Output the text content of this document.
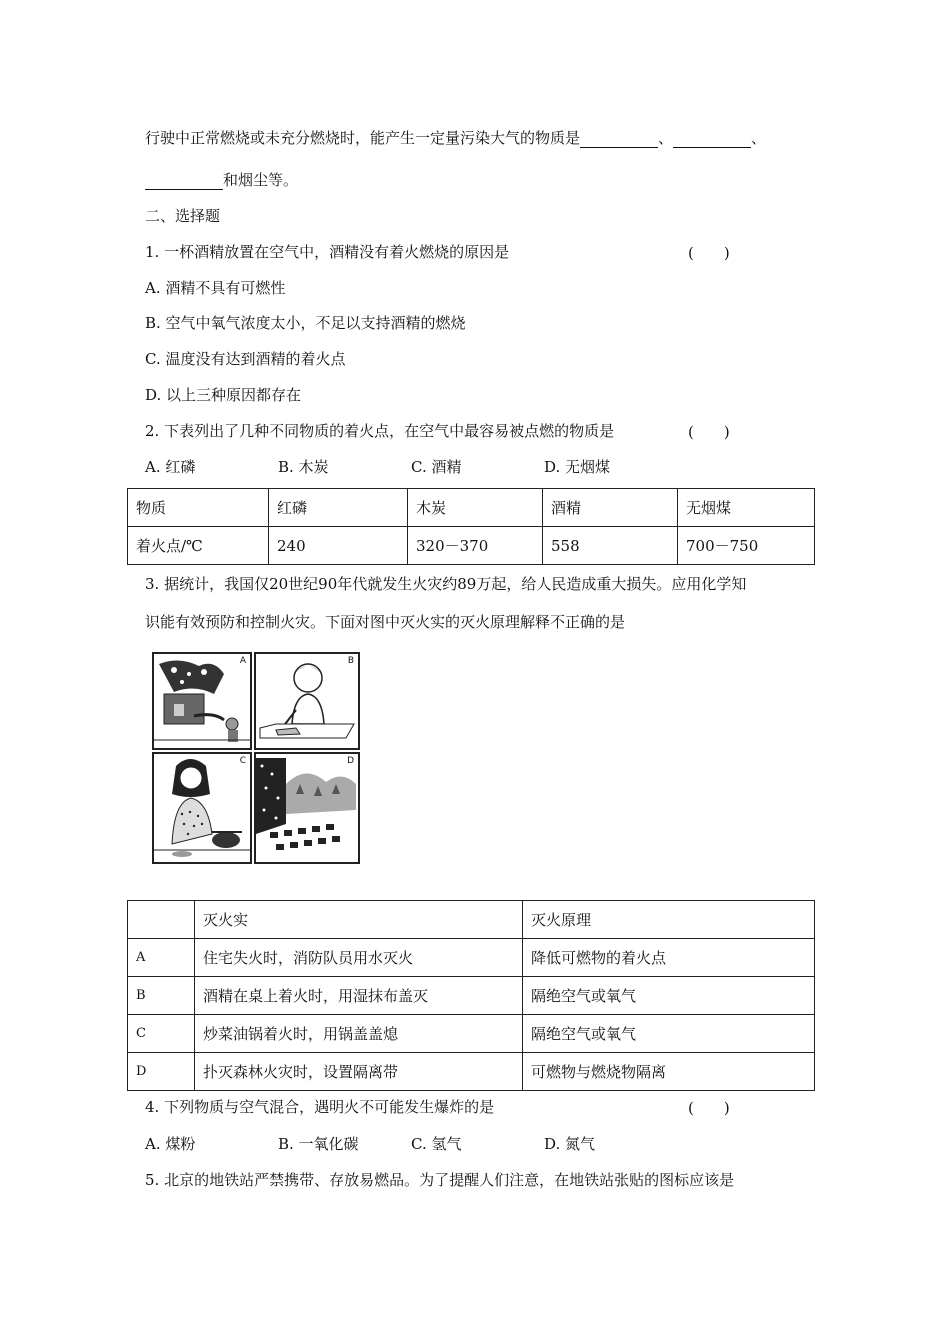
行驶中正常燃烧或未充分燃烧时，能产生一定量污染大气的物质是	、	、
和烟尘等。
二、选择题
1. 一杯酒精放置在空气中，酒精没有着火燃烧的原因是	(　　)
A. 酒精不具有可燃性
B. 空气中氧气浓度太小，不足以支持酒精的燃烧
C. 温度没有达到酒精的着火点
D. 以上三种原因都存在
2. 下表列出了几种不同物质的着火点，在空气中最容易被点燃的物质是	(　　)
A. 红磷	B. 木炭	C. 酒精	D. 无烟煤
物质	红磷	木炭	酒精	无烟煤
着火点/℃	240	320－370	558	700－750
3. 据统计，我国仅20世纪90年代就发生火灾约89万起，给人民造成重大损失。应用化学知
识能有效预防和控制火灾。下面对图中灭火实的灭火原理解释不正确的是
A	B
C	D
	灭火实	灭火原理
A	住宅失火时，消防队员用水灭火	降低可燃物的着火点
B	酒精在桌上着火时，用湿抹布盖灭	隔绝空气或氧气
C	炒菜油锅着火时，用锅盖盖熄	隔绝空气或氧气
D	扑灭森林火灾时，设置隔离带	可燃物与燃烧物隔离
4. 下列物质与空气混合，遇明火不可能发生爆炸的是	(　　)
A. 煤粉	B. 一氧化碳	C. 氢气	D. 氮气
5. 北京的地铁站严禁携带、存放易燃品。为了提醒人们注意，在地铁站张贴的图标应该是
